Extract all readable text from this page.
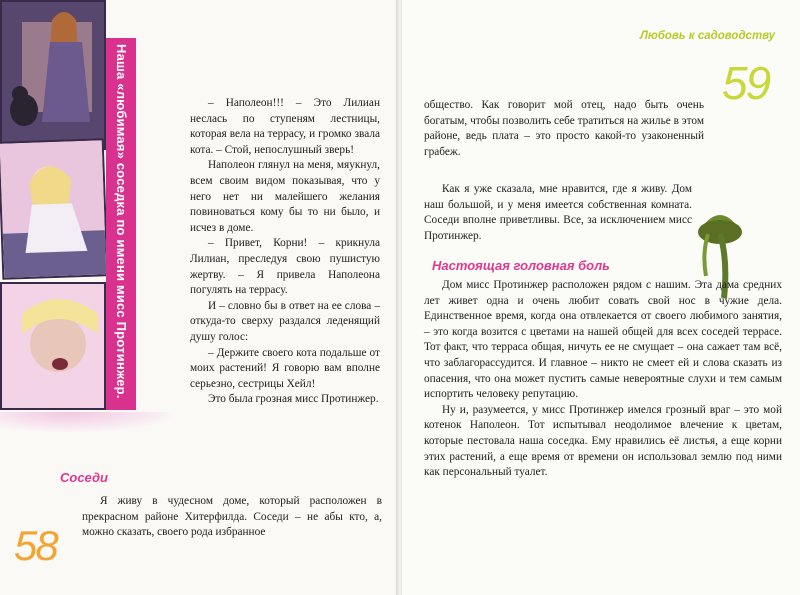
Наша «любимая» соседка по имени мисс Протинжер.	– Наполеон!!! – Это Лилиан неслась по ступеням лестницы, которая вела на террасу, и громко звала кота. – Стой, непослушный зверь!

Наполеон глянул на меня, мяукнул, всем своим видом показывая, что у него нет ни малейшего желания повиноваться кому бы то ни было, и исчез в доме.

– Привет, Корни! – крикнула Лилиан, преследуя свою пушистую жертву. – Я привела Наполеона погулять на террасу.

И – словно бы в ответ на ее слова – откуда-то сверху раздался леденящий душу голос:

– Держите своего кота подальше от моих растений! Я говорю вам вполне серьезно, сестрицы Хейл!

Это была грозная мисс Протинжер.

Соседи

Я живу в чудесном доме, который расположен в прекрасном районе Хитерфилда. Соседи – не абы кто, а, можно сказать, своего рода избранное

58
Любовь к садоводству
59

общество. Как говорит мой отец, надо быть очень богатым, чтобы позволить себе тратиться на жилье в этом районе, ведь плата – это просто какой-то узаконенный грабеж.

Как я уже сказала, мне нравится, где я живу. Дом наш большой, и у меня имеется собственная комната. Соседи вполне приветливы. Все, за исключением мисс Протинжер.

Настоящая головная боль

Дом мисс Протинжер расположен рядом с нашим. Эта дама средних лет живет одна и очень любит совать свой нос в чужие дела. Единственное время, когда она отвлекается от своего любимого занятия, – это когда возится с цветами на нашей общей для всех соседей террасе. Тот факт, что терраса общая, ничуть ее не смущает – она сажает там всё, что заблагорассудится. И главное – никто не смеет ей и слова сказать из опасения, что она может пустить самые невероятные слухи и тем самым испортить человеку репутацию.

Ну и, разумеется, у мисс Протинжер имелся грозный враг – это мой котенок Наполеон. Тот испытывал неодолимое влечение к цветам, которые пестовала наша соседка. Ему нравились её листья, а еще корни этих растений, а еще время от времени он использовал землю под ними как персональный туалет.
